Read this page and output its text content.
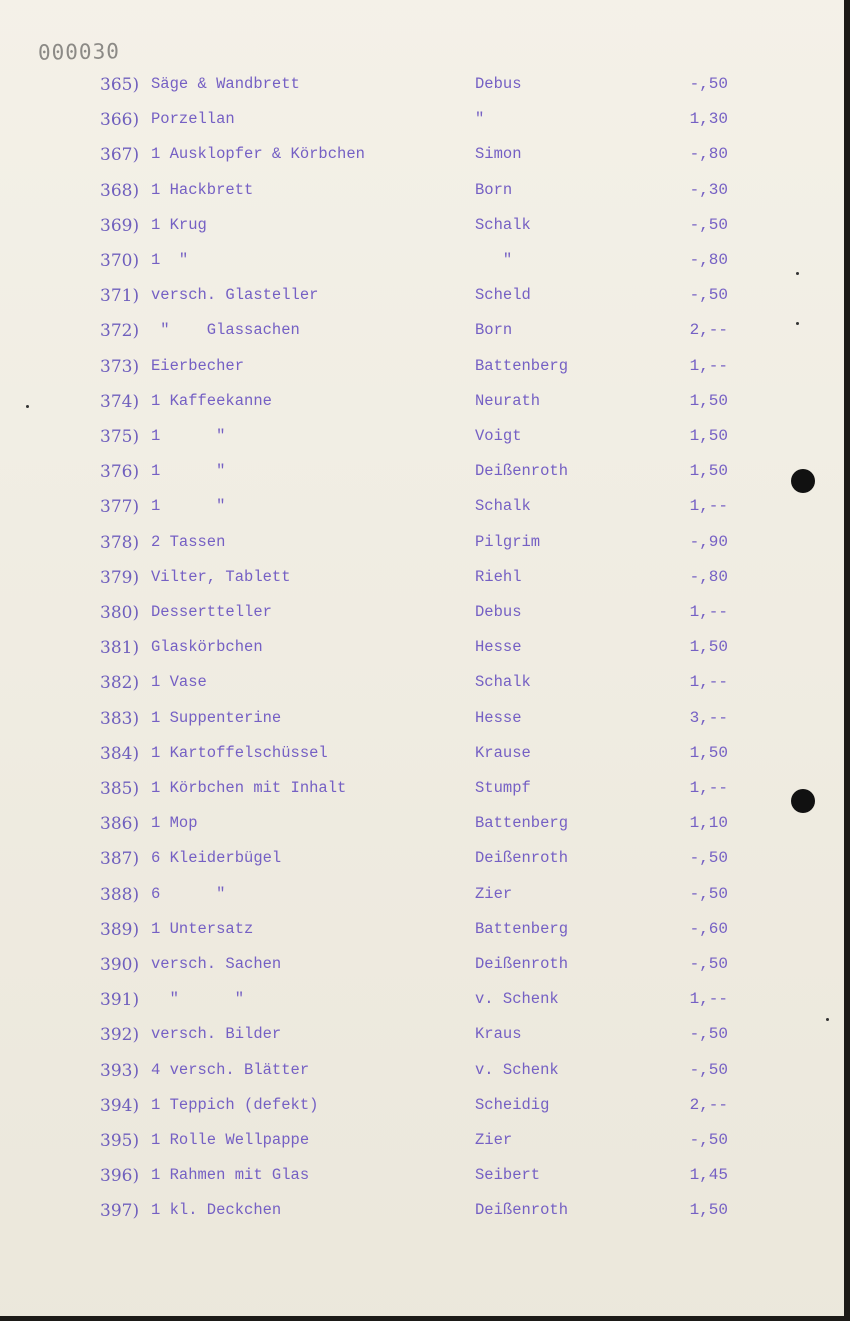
000030
365) Säge & Wandbrett	Debus	-,50
366) Porzellan	"	1,30
367) 1 Ausklopfer & Körbchen	Simon	-,80
368) 1 Hackbrett	Born	-,30
369) 1 Krug	Schalk	-,50
370) 1  "	"	-,80
371) versch. Glasteller	Scheld	-,50
372) "    Glassachen	Born	2,--
373) Eierbecher	Battenberg	1,--
374) 1 Kaffeekanne	Neurath	1,50
375) 1      "	Voigt	1,50
376) 1      "	Deißenroth	1,50
377) 1      "	Schalk	1,--
378) 2 Tassen	Pilgrim	-,90
379) Vilter, Tablett	Riehl	-,80
380) Dessertteller	Debus	1,--
381) Glaskörbchen	Hesse	1,50
382) 1 Vase	Schalk	1,--
383) 1 Suppenterine	Hesse	3,--
384) 1 Kartoffelschüssel	Krause	1,50
385) 1 Körbchen mit Inhalt	Stumpf	1,--
386) 1 Mop	Battenberg	1,10
387) 6 Kleiderbügel	Deißenroth	-,50
388) 6      "	Zier	-,50
389) 1 Untersatz	Battenberg	-,60
390) versch. Sachen	Deißenroth	-,50
391) "      "	v. Schenk	1,--
392) versch. Bilder	Kraus	-,50
393) 4 versch. Blätter	v. Schenk	-,50
394) 1 Teppich (defekt)	Scheidig	2,--
395) 1 Rolle Wellpappe	Zier	-,50
396) 1 Rahmen mit Glas	Seibert	1,45
397) 1 kl. Deckchen	Deißenroth	1,50
